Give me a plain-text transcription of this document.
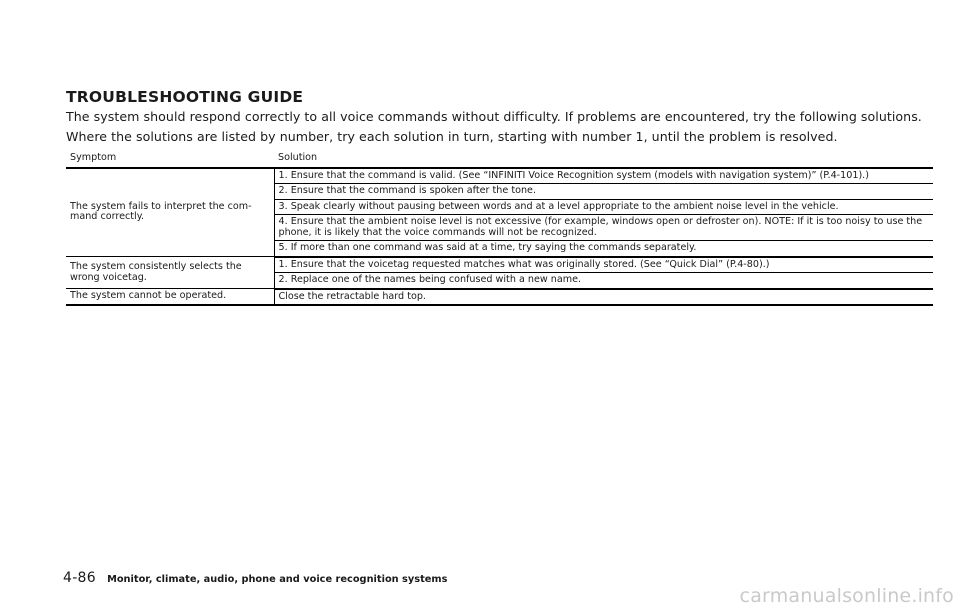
TROUBLESHOOTING GUIDE
The system should respond correctly to all voice commands without difficulty. If problems are encountered, try the following solutions.
Where the solutions are listed by number, try each solution in turn, starting with number 1, until the problem is resolved.
Symptom	Solution
The system fails to interpret the com- mand correctly.	1. Ensure that the command is valid. (See “INFINITI Voice Recognition system (models with navigation system)” (P.4-101).)
	2. Ensure that the command is spoken after the tone.
	3. Speak clearly without pausing between words and at a level appropriate to the ambient noise level in the vehicle.
	4. Ensure that the ambient noise level is not excessive (for example, windows open or defroster on). NOTE: If it is too noisy to use the phone, it is likely that the voice commands will not be recognized.
	5. If more than one command was said at a time, try saying the commands separately.
The system consistently selects the wrong voicetag.	1. Ensure that the voicetag requested matches what was originally stored. (See “Quick Dial” (P.4-80).)
	2. Replace one of the names being confused with a new name.
The system cannot be operated.	Close the retractable hard top.
4-86 Monitor, climate, audio, phone and voice recognition systems
carmanualsonline.info
